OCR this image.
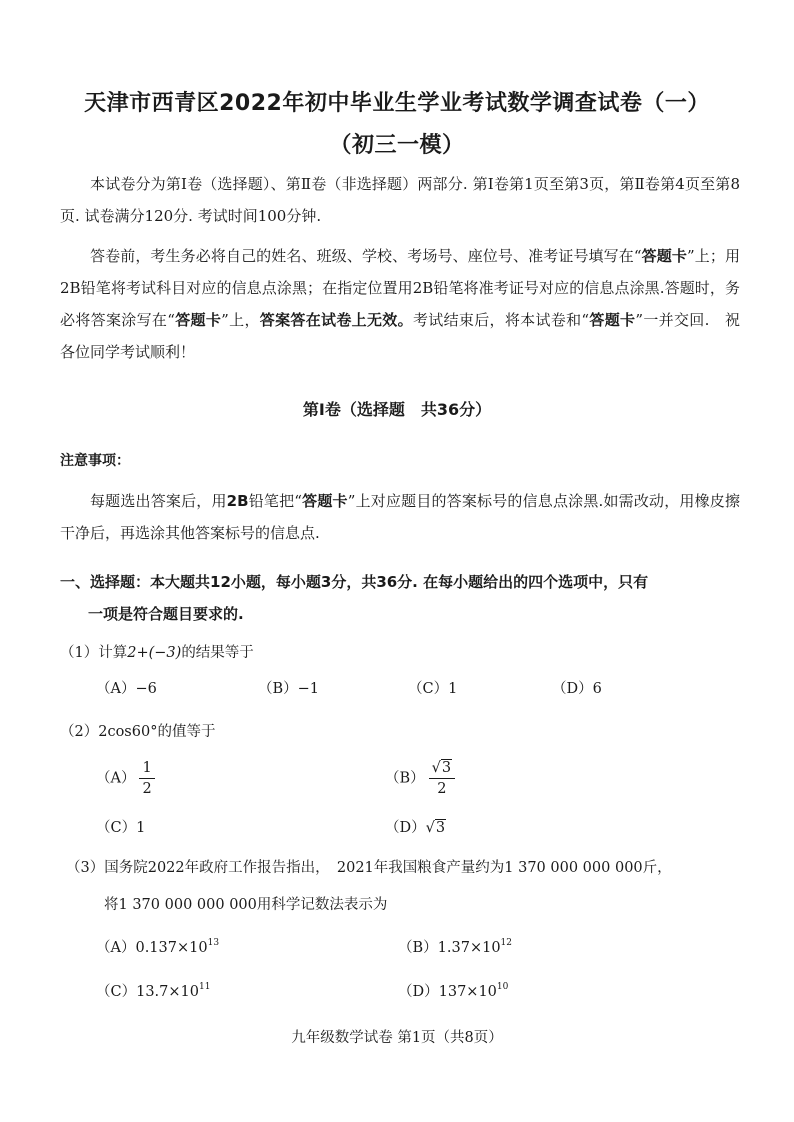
天津市西青区2022年初中毕业生学业考试数学调查试卷（一）
（初三一模）
本试卷分为第Ⅰ卷（选择题）、第Ⅱ卷（非选择题）两部分. 第Ⅰ卷第1页至第3页，第Ⅱ卷第4页至第8页. 试卷满分120分. 考试时间100分钟.
答卷前，考生务必将自己的姓名、班级、学校、考场号、座位号、准考证号填写在“答题卡”上；用2B铅笔将考试科目对应的信息点涂黑；在指定位置用2B铅笔将准考证号对应的信息点涂黑.答题时，务必将答案涂写在“答题卡”上，答案答在试卷上无效。考试结束后，将本试卷和“答题卡”一并交回.　祝各位同学考试顺利！
第Ⅰ卷（选择题　共36分）
注意事项：
每题选出答案后，用2B铅笔把“答题卡”上对应题目的答案标号的信息点涂黑.如需改动，用橡皮擦干净后，再选涂其他答案标号的信息点.
一、选择题：本大题共12小题，每小题3分，共36分. 在每小题给出的四个选项中，只有
一项是符合题目要求的.
（1）计算2+(−3)的结果等于
（A）−6	（B）−1	（C）1	（D）6
（2）2cos60°的值等于
$(A) \frac{1}{2}$	$(B) \frac{√3}{2}$
（C）1	（D）√3
（3）国务院2022年政府工作报告指出，　2021年我国粮食产量约为1 370 000 000 000斤，
将1 370 000 000 000用科学记数法表示为
$(A)0.137\times 10^{13}$	$(B)1.37\times 10^{12}$
$(C)13.7\times 10^{11}$	$(D)137\times 10^{10}$
九年级数学试卷 第1页（共8页）
